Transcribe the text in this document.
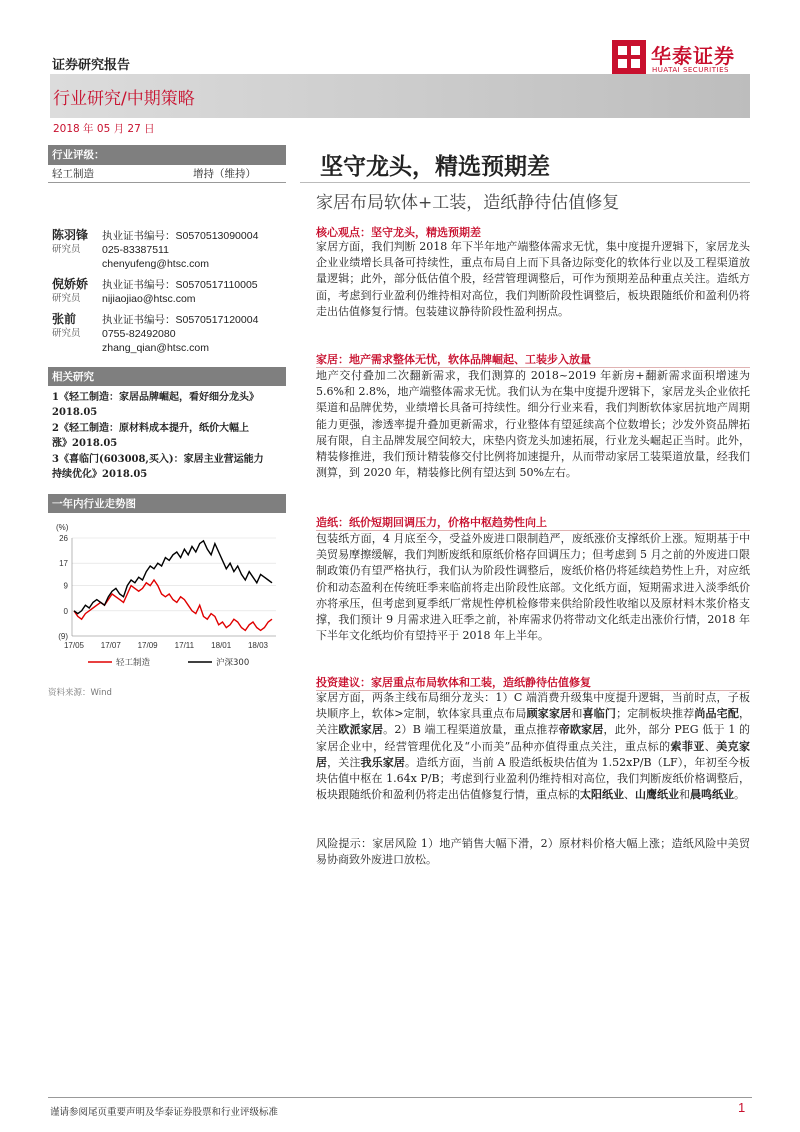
证券研究报告	华泰证券
HUATAI SECURITIES
行业研究/中期策略
2018 年 05 月 27 日
行业评级：
轻工制造	增持（维持）	坚守龙头，精选预期差
家居布局软体+工装，造纸静待估值修复
陈羽锋
研究员
执业证书编号：S0570513090004
025-83387511
chenyufeng@htsc.com
倪娇娇
研究员
执业证书编号：S0570517110005
nijiaojiao@htsc.com
张前
研究员
执业证书编号：S0570517120004
0755-82492080
zhang_qian@htsc.com
相关研究
1《轻工制造：家居品牌崛起，看好细分龙头》
2018.05
2《轻工制造：原材料成本提升，纸价大幅上
涨》2018.05
3《喜临门(603008,买入)：家居主业营运能力
持续优化》2018.05
一年内行业走势图
(%)
26
17
9
0
(9)
17/05 17/07 17/09 17/11 18/01 18/03
轻工制造	沪深300
资料来源：Wind
核心观点：坚守龙头，精选预期差
家居方面，我们判断 2018 年下半年地产端整体需求无忧，集中度提升逻辑下，家居龙头企业业绩增长具备可持续性，重点布局自上而下具备边际变化的软体行业以及工程渠道放量逻辑；此外，部分低估值个股，经营管理调整后，可作为预期差品种重点关注。造纸方面，考虑到行业盈利仍维持相对高位，我们判断阶段性调整后，板块跟随纸价和盈利仍将走出估值修复行情。包装建议静待阶段性盈利拐点。
家居：地产需求整体无忧，软体品牌崛起、工装步入放量
地产交付叠加二次翻新需求，我们测算的 2018~2019 年新房+翻新需求面积增速为 5.6%和 2.8%，地产端整体需求无忧。我们认为在集中度提升逻辑下，家居龙头企业依托渠道和品牌优势，业绩增长具备可持续性。细分行业来看，我们判断软体家居抗地产周期能力更强，渗透率提升叠加更新需求，行业整体有望延续高个位数增长；沙发外资品牌拓展有限，自主品牌发展空间较大，床垫内资龙头加速拓展，行业龙头崛起正当时。此外，精装修推进，我们预计精装修交付比例将加速提升，从而带动家居工装渠道放量，经我们测算，到 2020 年，精装修比例有望达到 50%左右。
造纸：纸价短期回调压力，价格中枢趋势性向上
包装纸方面，4 月底至今，受益外废进口限制趋严，废纸涨价支撑纸价上涨。短期基于中美贸易摩擦缓解，我们判断废纸和原纸价格存回调压力；但考虑到 5 月之前的外废进口限制政策仍有望严格执行，我们认为阶段性调整后，废纸价格仍将延续趋势性上升，对应纸价和动态盈利在传统旺季来临前将走出阶段性底部。文化纸方面，短期需求进入淡季纸价亦将承压，但考虑到夏季纸厂常规性停机检修带来供给阶段性收缩以及原材料木浆价格支撑，我们预计 9 月需求进入旺季之前，补库需求仍将带动文化纸走出涨价行情，2018 年下半年文化纸均价有望持平于 2018 年上半年。
投资建议：家居重点布局软体和工装，造纸静待估值修复
家居方面，两条主线布局细分龙头：1）C 端消费升级集中度提升逻辑，当前时点，子板块顺序上，软体>定制，软体家具重点布局顾家家居和喜临门；定制板块推荐尚品宅配，关注欧派家居。2）B 端工程渠道放量，重点推荐帝欧家居，此外，部分 PEG 低于 1 的家居企业中，经营管理优化及“小而美”品种亦值得重点关注，重点标的索菲亚、美克家居，关注我乐家居。造纸方面，当前 A 股造纸板块估值为 1.52xP/B（LF），年初至今板块估值中枢在 1.64x P/B；考虑到行业盈利仍维持相对高位，我们判断废纸价格调整后，板块跟随纸价和盈利仍将走出估值修复行情，重点标的太阳纸业、山鹰纸业和晨鸣纸业。
风险提示：家居风险 1）地产销售大幅下滑，2）原材料价格大幅上涨；造纸风险中美贸易协商致外废进口放松。
谨请参阅尾页重要声明及华泰证券股票和行业评级标准	1
